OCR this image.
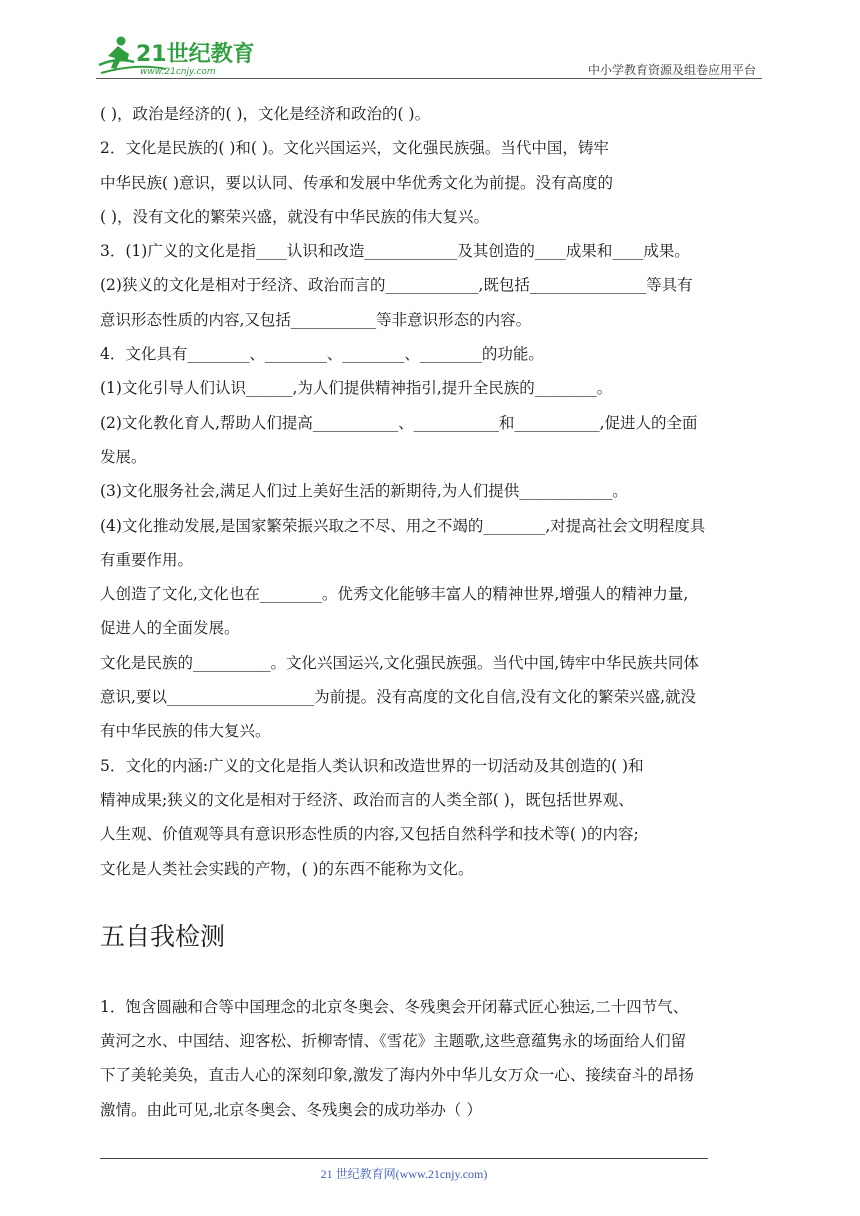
21世纪教育
www.21cnjy.com	中小学教育资源及组卷应用平台
( )，政治是经济的( )，文化是经济和政治的( )。
2．文化是民族的( )和( )。文化兴国运兴，文化强民族强。当代中国，铸牢
中华民族( )意识，要以认同、传承和发展中华优秀文化为前提。没有高度的
( )，没有文化的繁荣兴盛，就没有中华民族的伟大复兴。
3．(1)广义的文化是指____认识和改造____________及其创造的____成果和____成果。
(2)狭义的文化是相对于经济、政治而言的____________,既包括_______________等具有
意识形态性质的内容,又包括___________等非意识形态的内容。
4．文化具有________、________、________、________的功能。
(1)文化引导人们认识______,为人们提供精神指引,提升全民族的________。
(2)文化教化育人,帮助人们提高___________、___________和___________,促进人的全面
发展。
(3)文化服务社会,满足人们过上美好生活的新期待,为人们提供____________。
(4)文化推动发展,是国家繁荣振兴取之不尽、用之不竭的________,对提高社会文明程度具
有重要作用。
人创造了文化,文化也在________。优秀文化能够丰富人的精神世界,增强人的精神力量,
促进人的全面发展。
文化是民族的__________。文化兴国运兴,文化强民族强。当代中国,铸牢中华民族共同体
意识,要以___________________为前提。没有高度的文化自信,没有文化的繁荣兴盛,就没
有中华民族的伟大复兴。
5．文化的内涵:广义的文化是指人类认识和改造世界的一切活动及其创造的( )和
精神成果;狭义的文化是相对于经济、政治而言的人类全部( )，既包括世界观、
人生观、价值观等具有意识形态性质的内容,又包括自然科学和技术等( )的内容;
文化是人类社会实践的产物，( )的东西不能称为文化。
五自我检测
1．饱含圆融和合等中国理念的北京冬奥会、冬残奥会开闭幕式匠心独运,二十四节气、
黄河之水、中国结、迎客松、折柳寄情、《雪花》主题歌,这些意蕴隽永的场面给人们留
下了美轮美奂，直击人心的深刻印象,激发了海内外中华儿女万众一心、接续奋斗的昂扬
激情。由此可见,北京冬奥会、冬残奥会的成功举办（ ）
21 世纪教育网(www.21cnjy.com)
